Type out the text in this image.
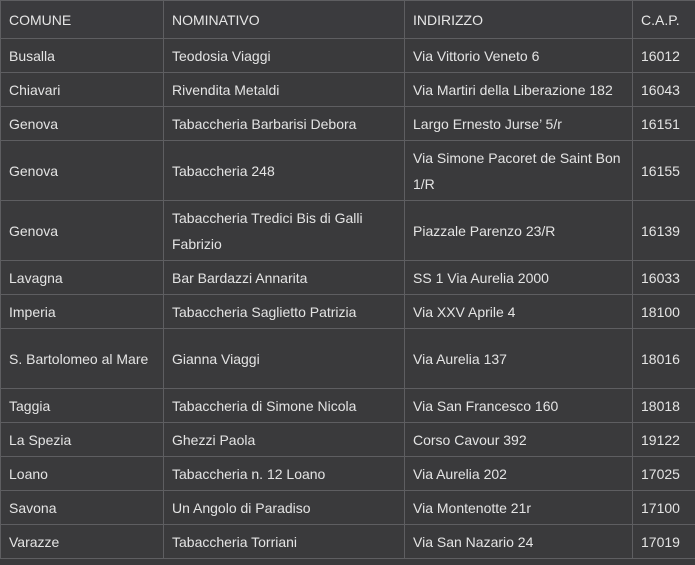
COMUNE	NOMINATIVO	INDIRIZZO	C.A.P.
Busalla	Teodosia Viaggi	Via Vittorio Veneto 6	16012
Chiavari	Rivendita Metaldi	Via Martiri della Liberazione 182	16043
Genova	Tabaccheria Barbarisi Debora	Largo Ernesto Jurse’ 5/r	16151
Genova	Tabaccheria 248	Via Simone Pacoret de Saint Bon 1/R	16155
Genova	Tabaccheria Tredici Bis di Galli Fabrizio	Piazzale Parenzo 23/R	16139
Lavagna	Bar Bardazzi Annarita	SS 1 Via Aurelia 2000	16033
Imperia	Tabaccheria Saglietto Patrizia	Via XXV Aprile 4	18100
S. Bartolomeo al Mare	Gianna Viaggi	Via Aurelia 137	18016
Taggia	Tabaccheria di Simone Nicola	Via San Francesco 160	18018
La Spezia	Ghezzi Paola	Corso Cavour 392	19122
Loano	Tabaccheria n. 12 Loano	Via Aurelia 202	17025
Savona	Un Angolo di Paradiso	Via Montenotte 21r	17100
Varazze	Tabaccheria Torriani	Via San Nazario 24	17019
